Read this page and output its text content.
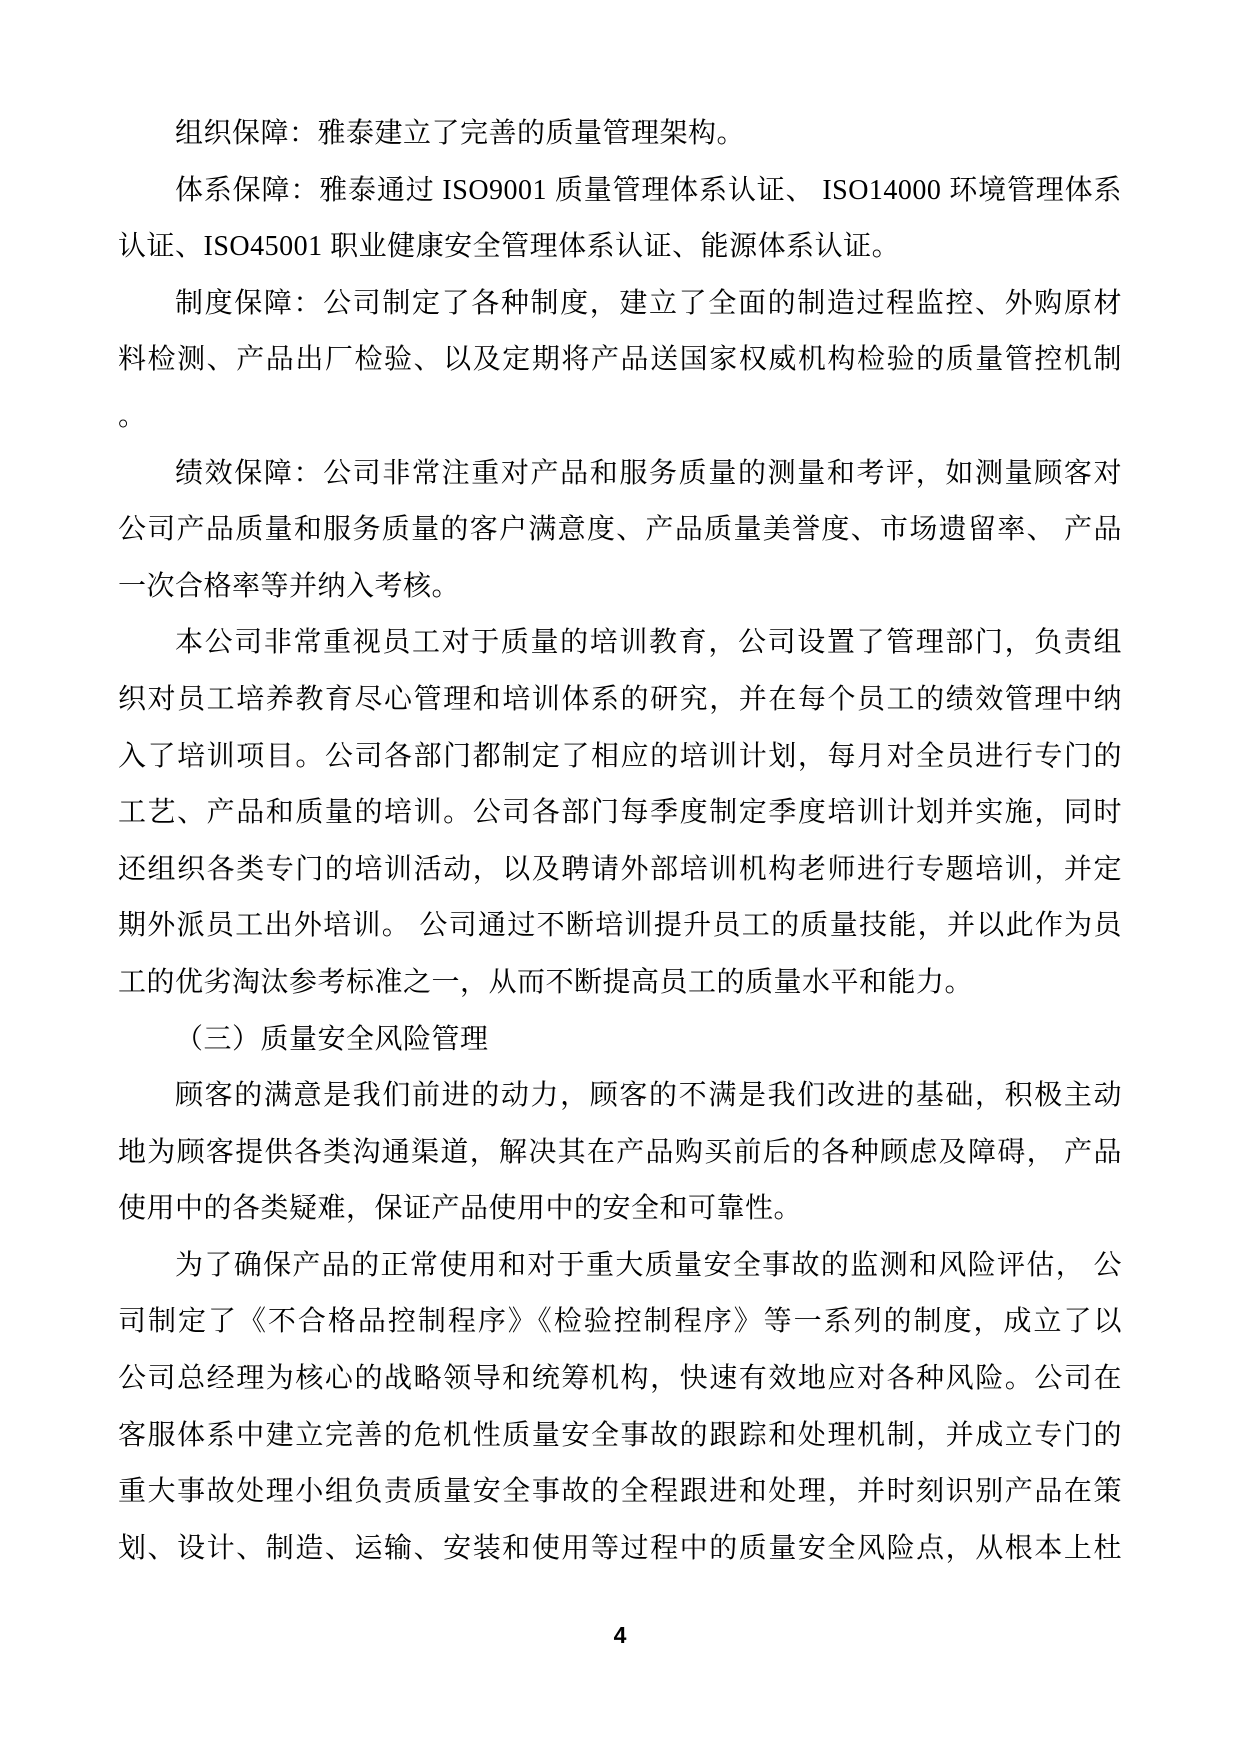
组织保障：雅泰建立了完善的质量管理架构。
体系保障：雅泰通过 ISO9001 质量管理体系认证、 ISO14000 环境管理体系
认证、ISO45001 职业健康安全管理体系认证、能源体系认证。
制度保障：公司制定了各种制度，建立了全面的制造过程监控、外购原材
料检测、产品出厂检验、以及定期将产品送国家权威机构检验的质量管控机制
。
绩效保障：公司非常注重对产品和服务质量的测量和考评，如测量顾客对
公司产品质量和服务质量的客户满意度、产品质量美誉度、市场遗留率、 产品
一次合格率等并纳入考核。
本公司非常重视员工对于质量的培训教育，公司设置了管理部门，负责组
织对员工培养教育尽心管理和培训体系的研究，并在每个员工的绩效管理中纳
入了培训项目。公司各部门都制定了相应的培训计划，每月对全员进行专门的
工艺、产品和质量的培训。公司各部门每季度制定季度培训计划并实施，同时
还组织各类专门的培训活动，以及聘请外部培训机构老师进行专题培训，并定
期外派员工出外培训。 公司通过不断培训提升员工的质量技能，并以此作为员
工的优劣淘汰参考标准之一，从而不断提高员工的质量水平和能力。
（三）质量安全风险管理
顾客的满意是我们前进的动力，顾客的不满是我们改进的基础，积极主动
地为顾客提供各类沟通渠道，解决其在产品购买前后的各种顾虑及障碍， 产品
使用中的各类疑难，保证产品使用中的安全和可靠性。
为了确保产品的正常使用和对于重大质量安全事故的监测和风险评估， 公
司制定了《不合格品控制程序》《检验控制程序》等一系列的制度，成立了以
公司总经理为核心的战略领导和统筹机构，快速有效地应对各种风险。公司在
客服体系中建立完善的危机性质量安全事故的跟踪和处理机制，并成立专门的
重大事故处理小组负责质量安全事故的全程跟进和处理，并时刻识别产品在策
划、设计、制造、运输、安装和使用等过程中的质量安全风险点，从根本上杜
4
